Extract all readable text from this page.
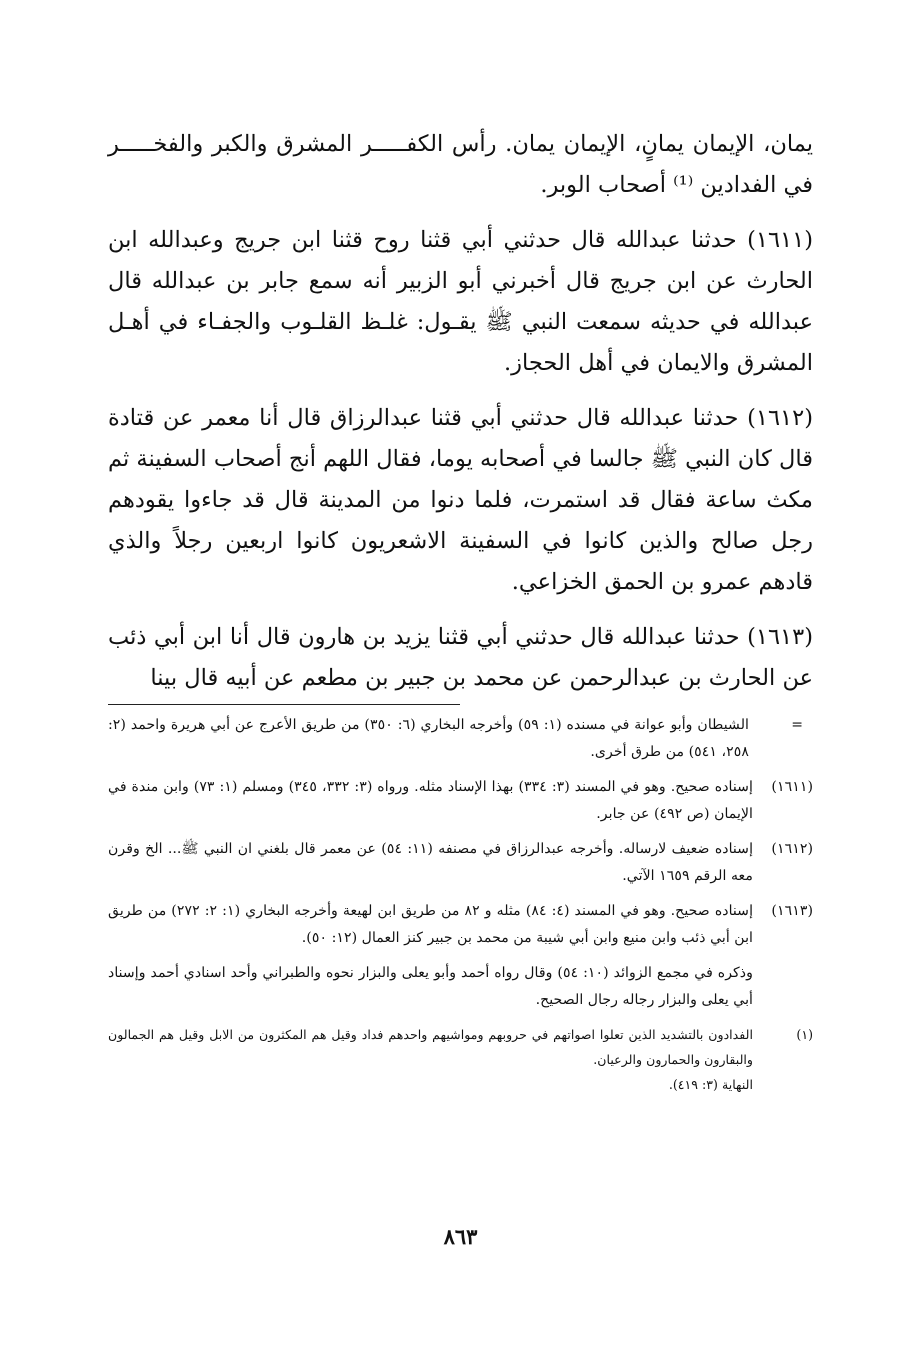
يمان، الإيمان يمانٍ، الإيمان يمان. رأس الكفـــــر المشرق والكبر والفخـــــر في الفدادين ⁽¹⁾ أصحاب الوبر.

(١٦١١) حدثنا عبدالله قال حدثني أبي قثنا روح قثنا ابن جريج وعبدالله ابن الحارث عن ابن جريج قال أخبرني أبو الزبير أنه سمع جابر بن عبدالله قال عبدالله في حديثه سمعت النبي ﷺ يقـول: غلـظ القلـوب والجفـاء في أهـل المشرق والايمان في أهل الحجاز.

(١٦١٢) حدثنا عبدالله قال حدثني أبي قثنا عبدالرزاق قال أنا معمر عن قتادة قال كان النبي ﷺ جالسا في أصحابه يوما، فقال اللهم أنج أصحاب السفينة ثم مكث ساعة فقال قد استمرت، فلما دنوا من المدينة قال قد جاءوا يقودهم رجل صالح والذين كانوا في السفينة الاشعريون كانوا اربعين رجلاً والذي قادهم عمرو بن الحمق الخزاعي.

(١٦١٣) حدثنا عبدالله قال حدثني أبي قثنا يزيد بن هارون قال أنا ابن أبي ذئب عن الحارث بن عبدالرحمن عن محمد بن جبير بن مطعم عن أبيه قال بينا

=
الشيطان وأبو عوانة في مسنده (١: ٥٩) وأخرجه البخاري (٦: ٣٥٠) من طريق الأعرج عن أبي هريرة واحمد (٢: ٢٥٨، ٥٤١) من طرق أخرى.
(١٦١١)
إسناده صحيح. وهو في المسند (٣: ٣٣٤) بهذا الإسناد مثله. ورواه (٣: ٣٣٢، ٣٤٥) ومسلم (١: ٧٣) وابن مندة في الإيمان (ص ٤٩٢) عن جابر.
(١٦١٢)
إسناده ضعيف لارساله. وأخرجه عبدالرزاق في مصنفه (١١: ٥٤) عن معمر قال بلغني ان النبي ﷺ... الخ وقرن معه الرقم ١٦٥٩ الآتي.
(١٦١٣)
إسناده صحيح. وهو في المسند (٤: ٨٤) مثله و ٨٢ من طريق ابن لهيعة وأخرجه البخاري (١: ٢: ٢٧٢) من طريق ابن أبي ذئب وابن منيع وابن أبي شيبة من محمد بن جبير كنز العمال (١٢: ٥٠).
وذكره في مجمع الزوائد (١٠: ٥٤) وقال رواه أحمد وأبو يعلى والبزار نحوه والطبراني وأحد اسنادي أحمد وإسناد أبي يعلى والبزار رجاله رجال الصحيح.
(١)
الفدادون بالتشديد الذين تعلوا اصواتهم في حروبهم ومواشيهم واحدهم فداد وقيل هم المكثرون من الابل وقيل هم الجمالون والبقارون والحمارون والرعيان.
النهاية (٣: ٤١٩).
٨٦٣
